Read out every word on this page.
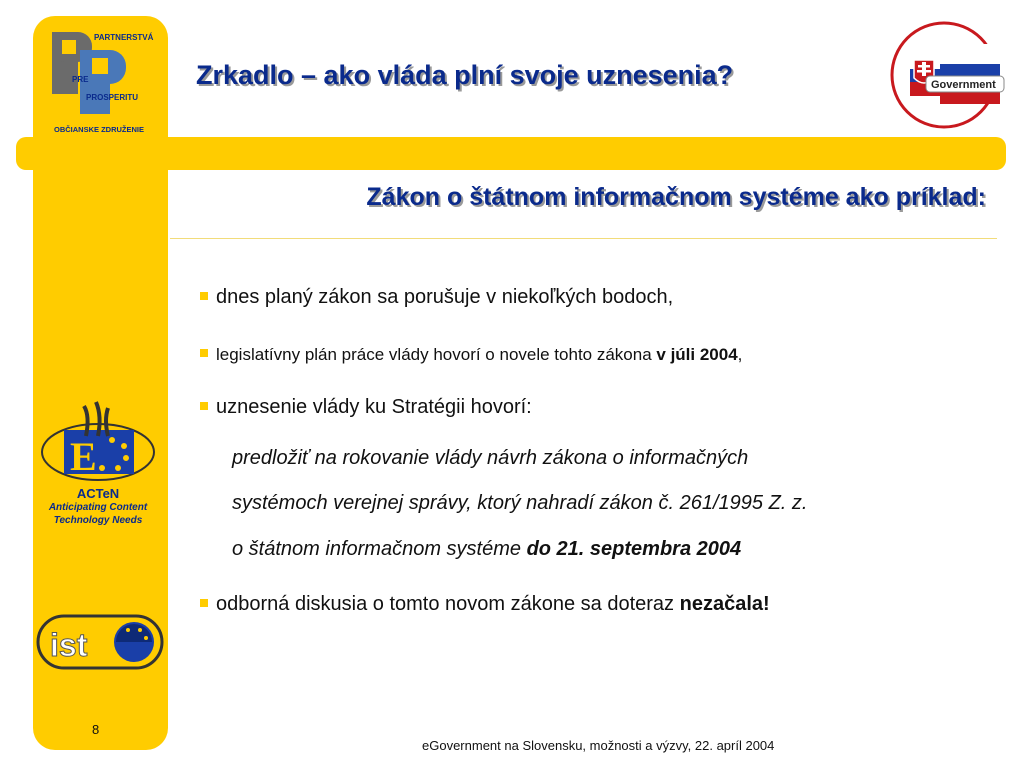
PARTNERSTVÁ
PRE
PROSPERITU
OBČIANSKE ZDRUŽENIE
Zrkadlo – ako vláda plní svoje uznesenia?	Government
Zákon o štátnom informačnom systéme ako príklad:
E
ACTeN
Anticipating Content
Technology Needs
ist
dnes planý zákon sa porušuje v niekoľkých bodoch,
legislatívny plán práce vlády hovorí o novele tohto zákona v júli 2004,
uznesenie vlády ku Stratégii hovorí:
predložiť na rokovanie vlády návrh zákona o informačných
systémoch verejnej správy, ktorý nahradí zákon č. 261/1995 Z. z.
o štátnom informačnom systéme do 21. septembra 2004
odborná diskusia o tomto novom zákone sa doteraz nezačala!
8
eGovernment na Slovensku, možnosti a výzvy, 22. apríl 2004
